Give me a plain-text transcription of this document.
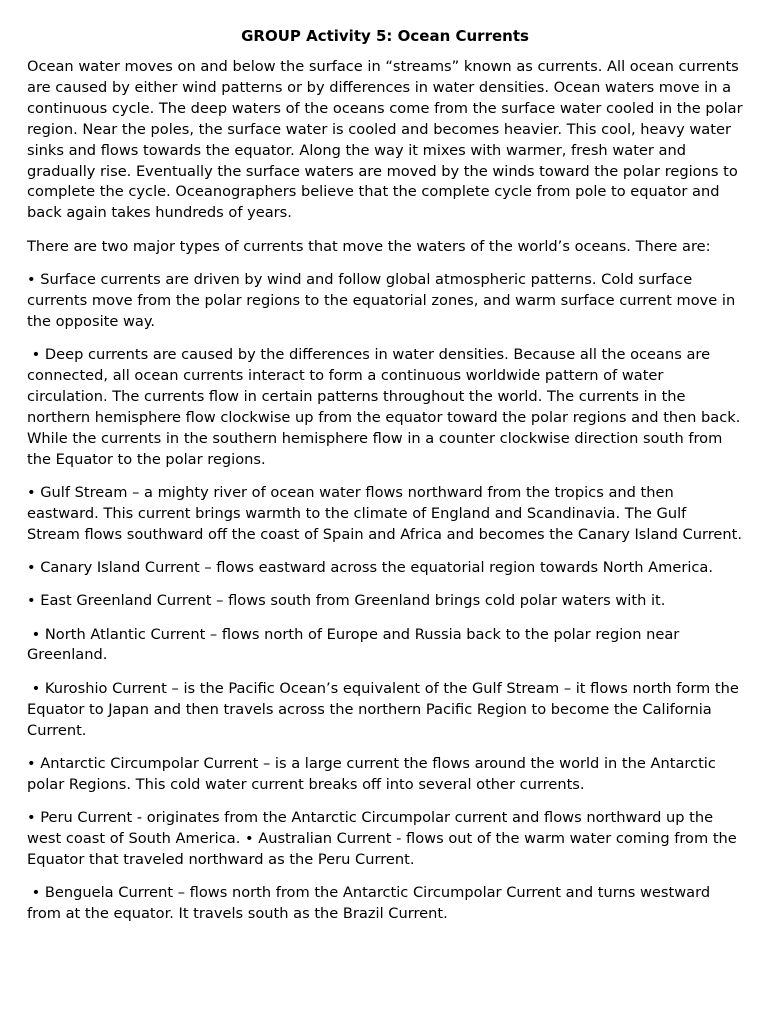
GROUP Activity 5: Ocean Currents

Ocean water moves on and below the surface in “streams” known as currents. All ocean currents are caused by either wind patterns or by differences in water densities. Ocean waters move in a continuous cycle. The deep waters of the oceans come from the surface water cooled in the polar region. Near the poles, the surface water is cooled and becomes heavier. This cool, heavy water sinks and flows towards the equator. Along the way it mixes with warmer, fresh water and gradually rise. Eventually the surface waters are moved by the winds toward the polar regions to complete the cycle. Oceanographers believe that the complete cycle from pole to equator and back again takes hundreds of years.

There are two major types of currents that move the waters of the world’s oceans. There are:

• Surface currents are driven by wind and follow global atmospheric patterns. Cold surface currents move from the polar regions to the equatorial zones, and warm surface current move in the opposite way.

• Deep currents are caused by the differences in water densities. Because all the oceans are connected, all ocean currents interact to form a continuous worldwide pattern of water circulation. The currents flow in certain patterns throughout the world. The currents in the northern hemisphere flow clockwise up from the equator toward the polar regions and then back. While the currents in the southern hemisphere flow in a counter clockwise direction south from the Equator to the polar regions.

• Gulf Stream – a mighty river of ocean water flows northward from the tropics and then eastward. This current brings warmth to the climate of England and Scandinavia. The Gulf Stream flows southward off the coast of Spain and Africa and becomes the Canary Island Current.

• Canary Island Current – flows eastward across the equatorial region towards North America.

• East Greenland Current – flows south from Greenland brings cold polar waters with it.

• North Atlantic Current – flows north of Europe and Russia back to the polar region near Greenland.

• Kuroshio Current – is the Pacific Ocean’s equivalent of the Gulf Stream – it flows north form the Equator to Japan and then travels across the northern Pacific Region to become the California Current.

• Antarctic Circumpolar Current – is a large current the flows around the world in the Antarctic polar Regions. This cold water current breaks off into several other currents.

• Peru Current - originates from the Antarctic Circumpolar current and flows northward up the west coast of South America. • Australian Current - flows out of the warm water coming from the Equator that traveled northward as the Peru Current.

• Benguela Current – flows north from the Antarctic Circumpolar Current and turns westward from at the equator. It travels south as the Brazil Current.
